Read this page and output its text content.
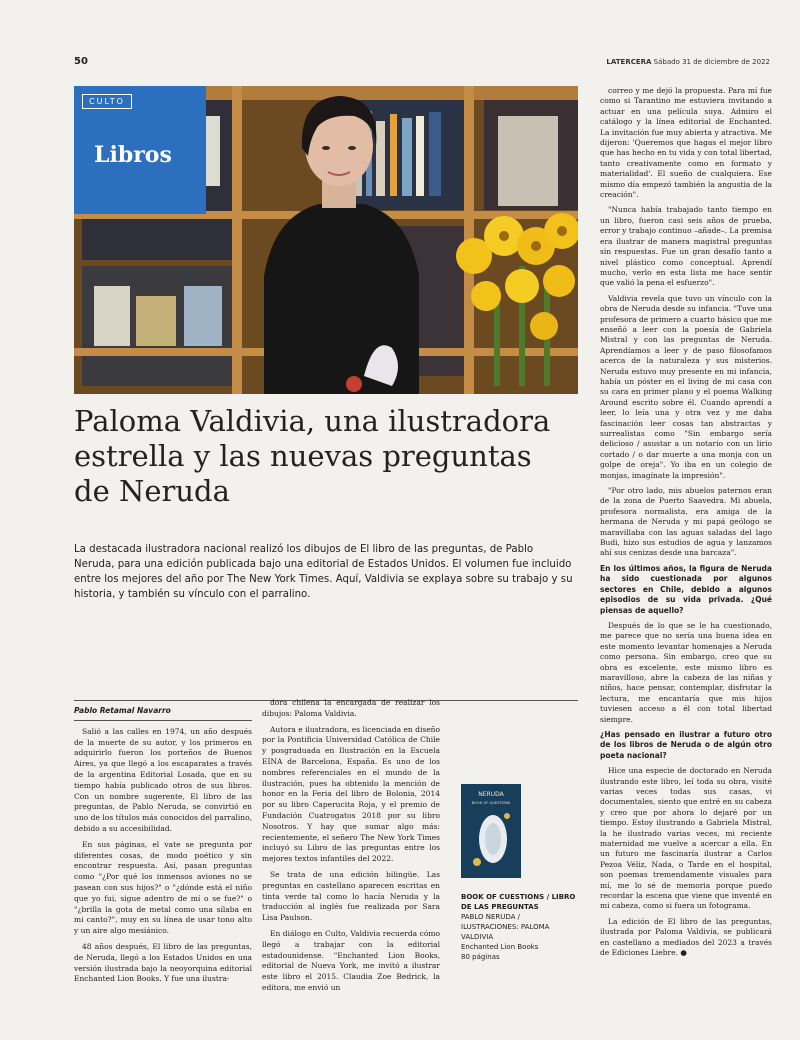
50	LATERCERA Sábado 31 de diciembre de 2022
CULTO
Libros
Paloma Valdivia, una ilustradora estrella y las nuevas preguntas de Neruda

La destacada ilustradora nacional realizó los dibujos de El libro de las preguntas, de Pablo Neruda, para una edición publicada bajo una editorial de Estados Unidos. El volumen fue incluido entre los mejores del año por The New York Times. Aquí, Valdivia se explaya sobre su trabajo y su historia, y también su vínculo con el parralino.

Pablo Retamal Navarro

Salió a las calles en 1974, un año después de la muerte de su autor, y los primeros en adquirirlo fueron los porteños de Buenos Aires, ya que llegó a los escaparates a través de la argentina Editorial Losada, que en su tiempo había publicado otros de sus libros. Con un nombre sugerente, El libro de las preguntas, de Pablo Neruda, se convirtió en uno de los títulos más conocidos del parralino, debido a su accesibilidad.

En sus páginas, el vate se pregunta por diferentes cosas, de modo poético y sin encontrar respuesta. Así, pasan preguntas como "¿Por qué los inmensos aviones no se pasean con sus hijos?" o "¿dónde está el niño que yo fui, sigue adentro de mí o se fue?" o "¿brilla la gota de metal como una sílaba en mi canto?", muy en su línea de usar tono alto y un aire algo mesiánico.

48 años después, El libro de las preguntas, de Neruda, llegó a los Estados Unidos en una versión ilustrada bajo la neoyorquina editorial Enchanted Lion Books. Y fue una ilustra-

dora chilena la encargada de realizar los dibujos: Paloma Valdivia.

Autora e ilustradora, es licenciada en diseño por la Pontificia Universidad Católica de Chile y posgraduada en Ilustración en la Escuela EINA de Barcelona, España. Es uno de los nombres referenciales en el mundo de la ilustración, pues ha obtenido la mención de honor en la Feria del libro de Bolonia, 2014 por su libro Caperucita Roja, y el premio de Fundación Cuatrogatos 2018 por su libro Nosotros. Y hay que sumar algo más: recientemente, el señero The New York Times incluyó su Libro de las preguntas entre los mejores textos infantiles del 2022.

Se trata de una edición bilingüe. Las preguntas en castellano aparecen escritas en tinta verde tal como lo hacía Neruda y la traducción al inglés fue realizada por Sara Lisa Paulson.

En diálogo en Culto, Valdivia recuerda cómo llegó a trabajar con la editorial estadounidense. "Enchanted Lion Books, editorial de Nueva York, me invitó a ilustrar este libro el 2015. Claudia Zoe Bedrick, la editora, me envió un

correo y me dejó la propuesta. Para mí fue como si Tarantino me estuviera invitando a actuar en una película suya. Admiro el catálogo y la línea editorial de Enchanted. La invitación fue muy abierta y atractiva. Me dijeron: 'Queremos que hagas el mejor libro que has hecho en tu vida y con total libertad, tanto creativamente como en formato y materialidad'. El sueño de cualquiera. Ese mismo día empezó también la angustia de la creación".

"Nunca había trabajado tanto tiempo en un libro, fueron casi seis años de prueba, error y trabajo continuo –añade–. La premisa era ilustrar de manera magistral preguntas sin respuestas. Fue un gran desafío tanto a nivel plástico como conceptual. Aprendí mucho, verlo en esta lista me hace sentir que valió la pena el esfuerzo".

Valdivia revela que tuvo un vínculo con la obra de Neruda desde su infancia. "Tuve una profesora de primero a cuarto básico que me enseñó a leer con la poesía de Gabriela Mistral y con las preguntas de Neruda. Aprendíamos a leer y de paso filosofamos acerca de la naturaleza y sus misterios. Neruda estuvo muy presente en mi infancia, había un póster en el living de mi casa con su cara en primer plano y el poema Walking Around escrito sobre él. Cuando aprendí a leer, lo leía una y otra vez y me daba fascinación leer cosas tan abstractas y surrealistas como "Sin embargo sería delicioso / asustar a un notario con un lirio cortado / o dar muerte a una monja con un golpe de oreja". Yo iba en un colegio de monjas, imagínate la impresión".

"Por otro lado, mis abuelos paternos eran de la zona de Puerto Saavedra. Mi abuela, profesora normalista, era amiga de la hermana de Neruda y mi papá geólogo se maravillaba con las aguas saladas del lago Budi, hizo sus estudios de agua y lanzamos ahí sus cenizas desde una barcaza".

En los últimos años, la figura de Neruda ha sido cuestionada por algunos sectores en Chile, debido a algunos episodios de su vida privada. ¿Qué piensas de aquello?

Después de lo que se le ha cuestionado, me parece que no sería una buena idea en este momento levantar homenajes a Neruda como persona. Sin embargo, creo que su obra es excelente, este mismo libro es maravilloso, abre la cabeza de las niñas y niños, hace pensar, contemplar, disfrutar la lectura, me encantaría que mis hijos tuviesen acceso a él con total libertad siempre.

¿Has pensado en ilustrar a futuro otro de los libros de Neruda o de algún otro poeta nacional?

Hice una especie de doctorado en Neruda ilustrando este libro, leí toda su obra, visité varias veces todas sus casas, vi documentales, siento que entré en su cabeza y creo que por ahora lo dejaré por un tiempo. Estoy ilustrando a Gabriela Mistral, la he ilustrado varias veces, mi reciente maternidad me vuelve a acercar a ella. En un futuro me fascinaría ilustrar a Carlos Pezoa Véliz, Nada, o Tarde en el hospital, son poemas tremendamente visuales para mí, me lo sé de memoria porque puedo recordar la escena que viene que inventé en mi cabeza, como si fuera un fotograma.

La edición de El libro de las preguntas, ilustrada por Paloma Valdivia, se publicará en castellano a mediados del 2023 a través de Ediciones Liebre. ●

NERUDA
BOOK OF QUESTIONS
BOOK OF CUESTIONS / LIBRO DE LAS PREGUNTAS
PABLO NERUDA /
ILUSTRACIONES: PALOMA VALDIVIA
Enchanted Lion Books
80 páginas
